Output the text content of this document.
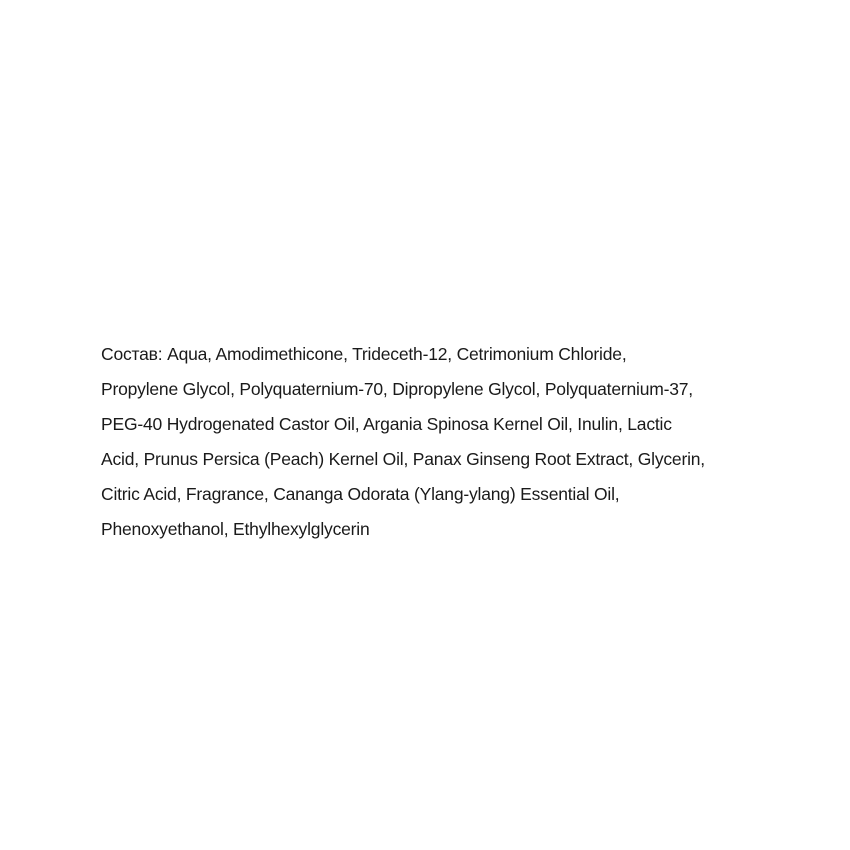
Состав: Aqua, Amodimethicone, Trideceth-12, Cetrimonium Chloride,
Propylene Glycol, Polyquaternium-70, Dipropylene Glycol, Polyquaternium-37,
PEG-40 Hydrogenated Castor Oil, Argania Spinosa Kernel Oil, Inulin, Lactic
Acid, Prunus Persica (Peach) Kernel Oil, Panax Ginseng Root Extract, Glycerin,
Citric Acid, Fragrance, Cananga Odorata (Ylang-ylang) Essential Oil,
Phenoxyethanol, Ethylhexylglycerin
